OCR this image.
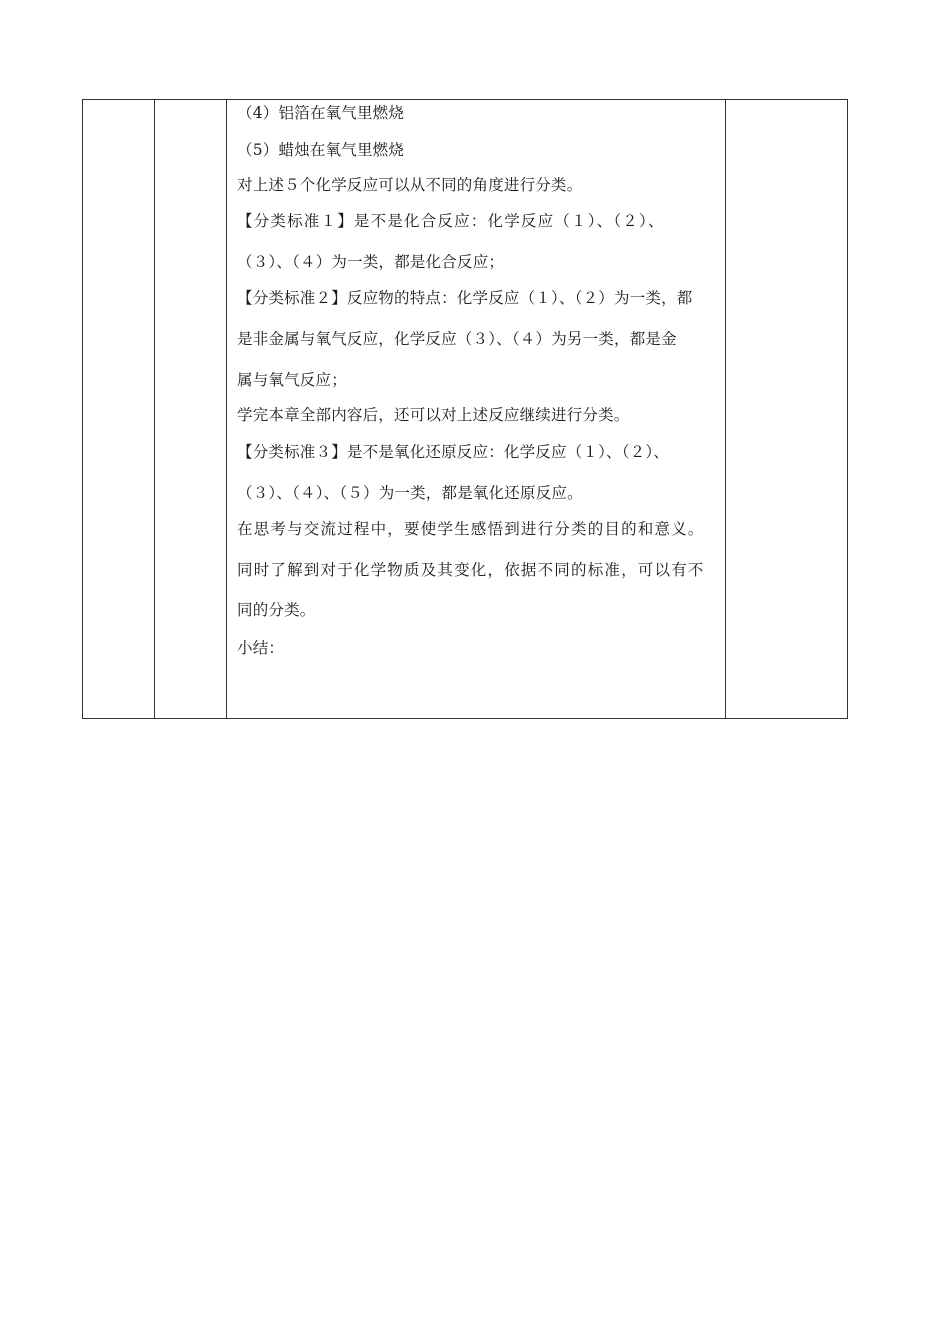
（4）铝箔在氧气里燃烧
（5）蜡烛在氧气里燃烧
对上述５个化学反应可以从不同的角度进行分类。
【分类标准１】是不是化合反应：化学反应（１）、（２）、
（３）、（４）为一类，都是化合反应；
【分类标准２】反应物的特点：化学反应（１）、（２）为一类，都
是非金属与氧气反应，化学反应（３）、（４）为另一类，都是金
属与氧气反应；
学完本章全部内容后，还可以对上述反应继续进行分类。
【分类标准３】是不是氧化还原反应：化学反应（１）、（２）、
（３）、（４）、（５）为一类，都是氧化还原反应。
在思考与交流过程中，要使学生感悟到进行分类的目的和意义。
同时了解到对于化学物质及其变化，依据不同的标准，可以有不
同的分类。
小结：
